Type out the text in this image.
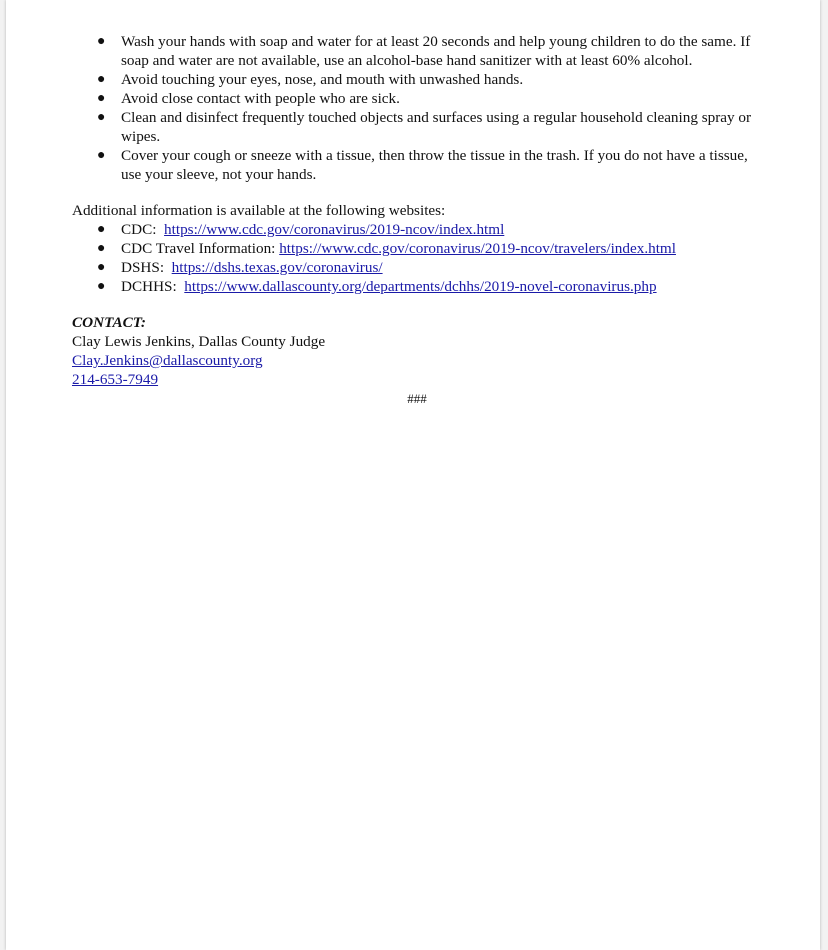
● Wash your hands with soap and water for at least 20 seconds and help young children to do the same. If soap and water are not available, use an alcohol-base hand sanitizer with at least 60% alcohol.
● Avoid touching your eyes, nose, and mouth with unwashed hands.
● Avoid close contact with people who are sick.
● Clean and disinfect frequently touched objects and surfaces using a regular household cleaning spray or wipes.
● Cover your cough or sneeze with a tissue, then throw the tissue in the trash. If you do not have a tissue, use your sleeve, not your hands.
Additional information is available at the following websites:
● CDC: https://www.cdc.gov/coronavirus/2019-ncov/index.html
● CDC Travel Information: https://www.cdc.gov/coronavirus/2019-ncov/travelers/index.html
● DSHS: https://dshs.texas.gov/coronavirus/
● DCHHS: https://www.dallascounty.org/departments/dchhs/2019-novel-coronavirus.php
CONTACT:
Clay Lewis Jenkins, Dallas County Judge
Clay.Jenkins@dallascounty.org
214-653-7949
###
